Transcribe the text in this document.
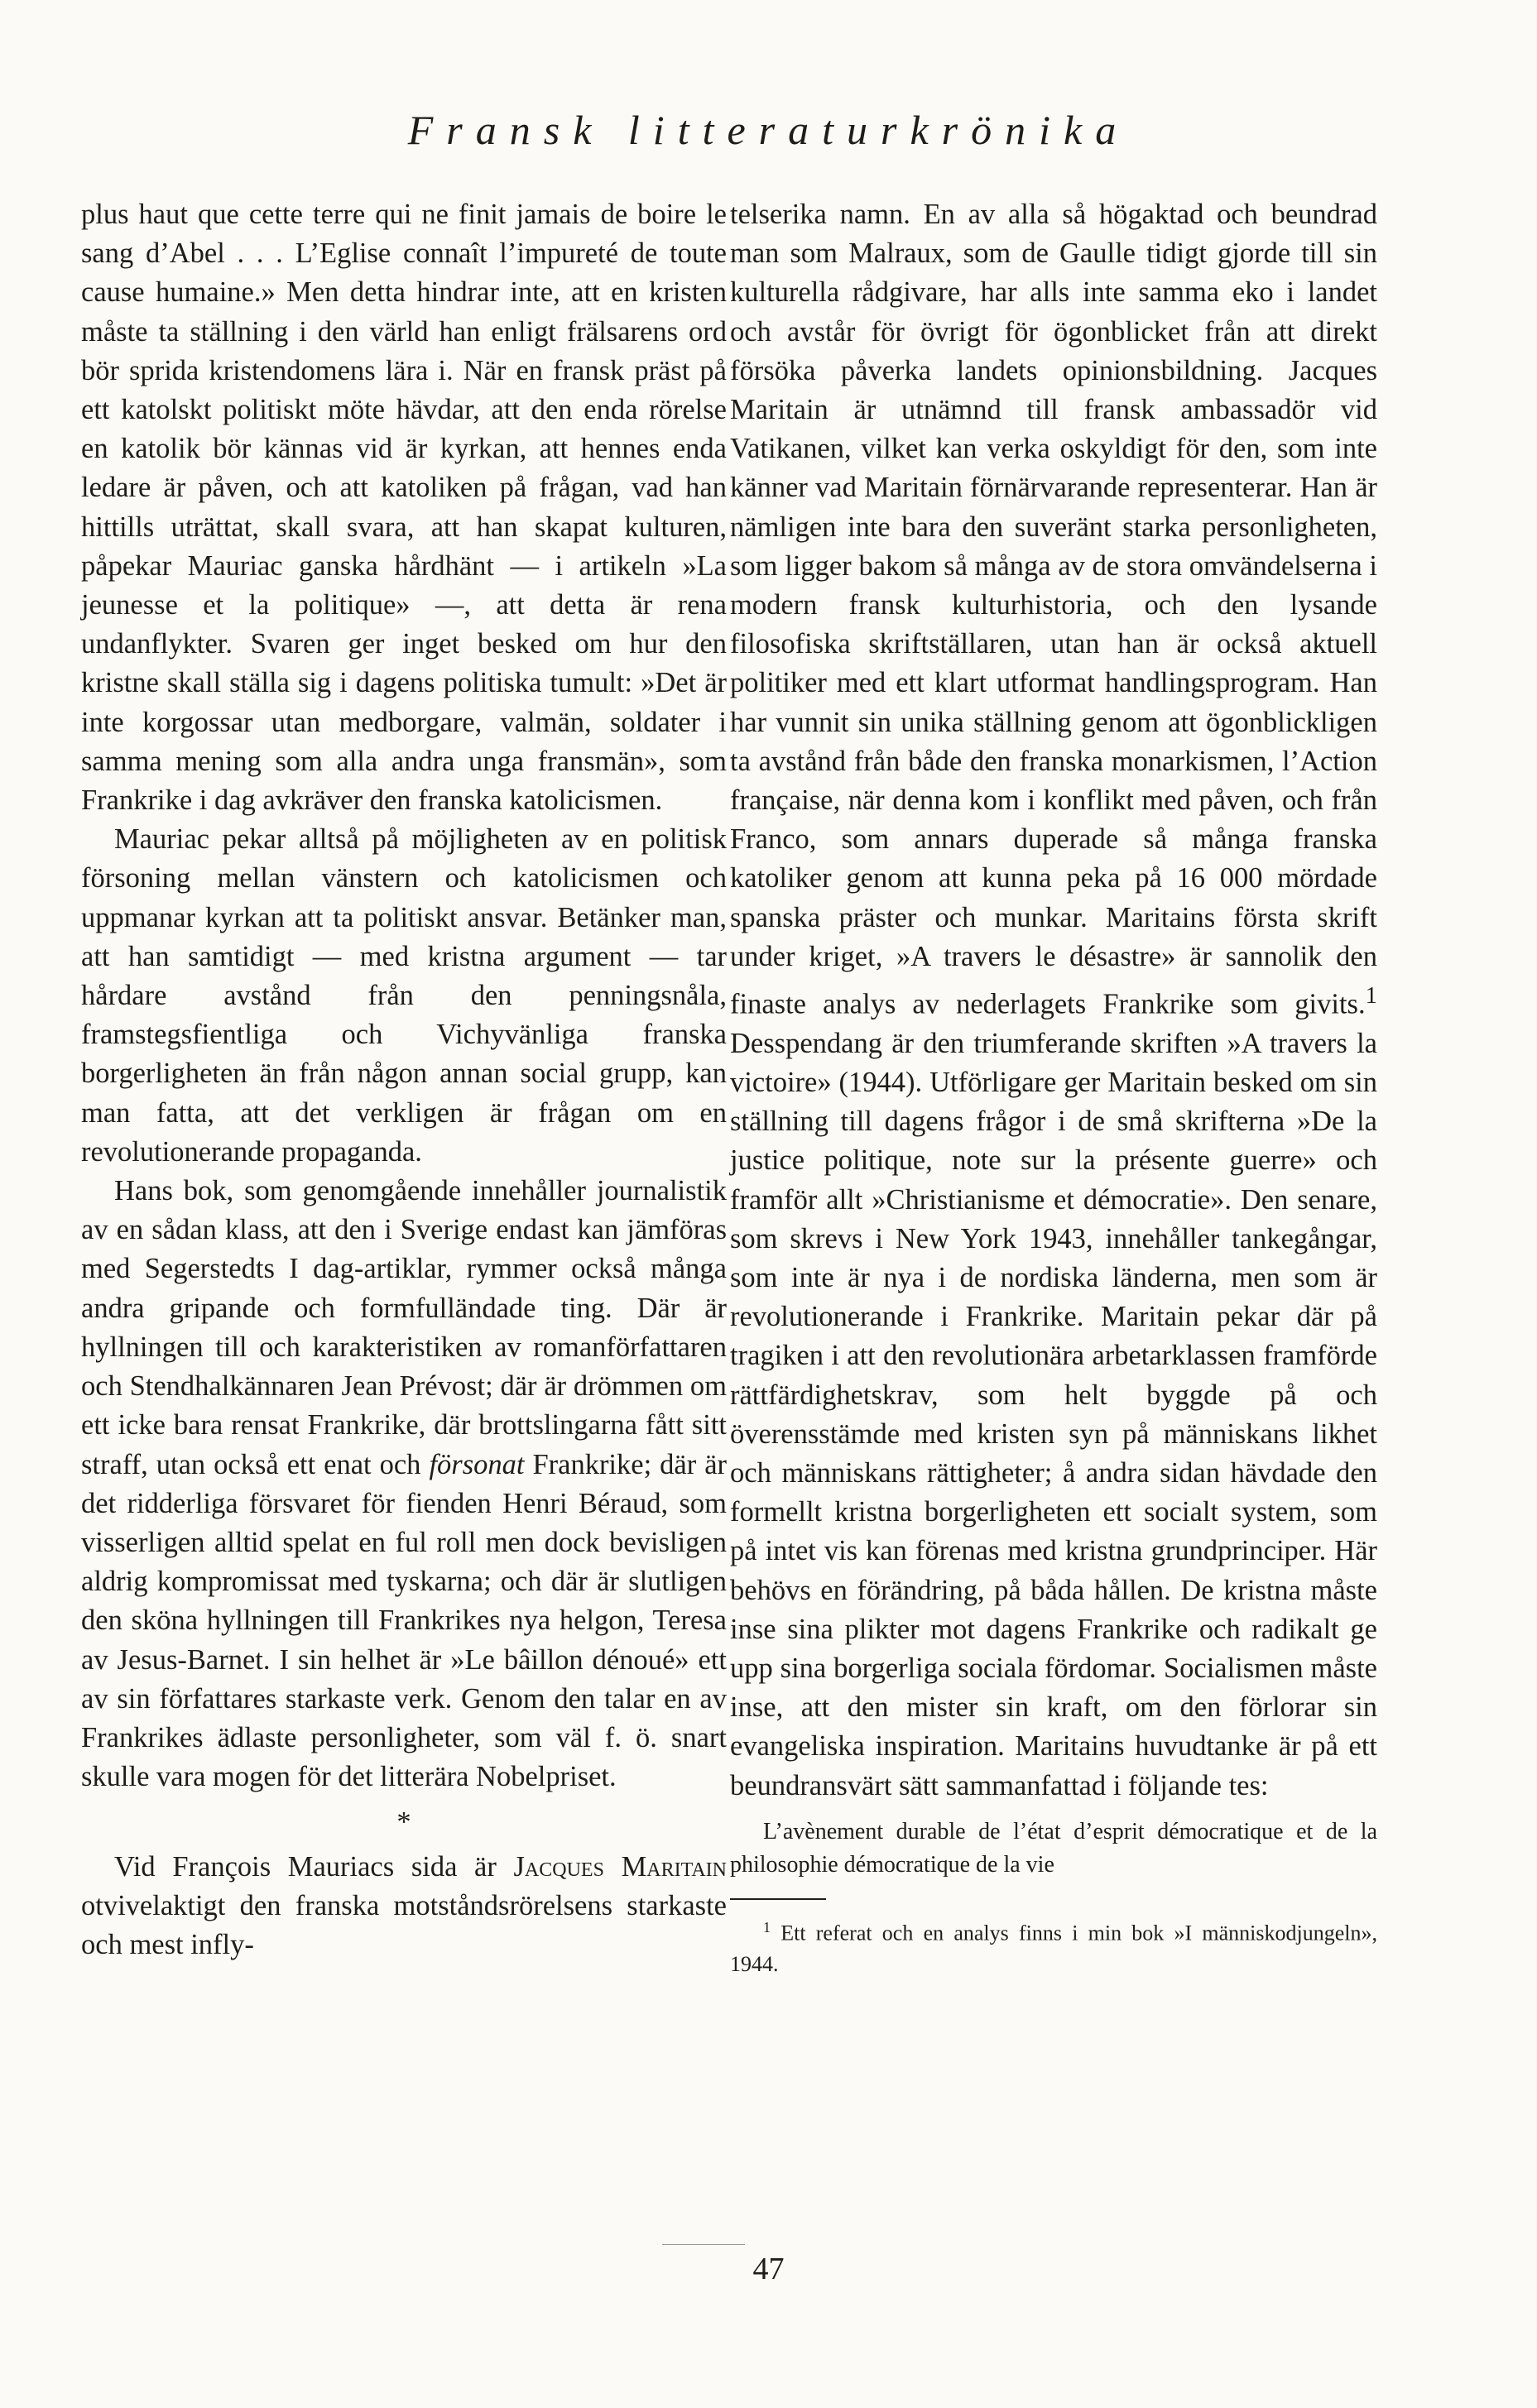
Fransk litteraturkrönika

plus haut que cette terre qui ne finit jamais de boire le sang d’Abel . . . L’Eglise connaît l’impureté de toute cause humaine.» Men detta hindrar inte, att en kristen måste ta ställning i den värld han enligt frälsarens ord bör sprida kristendomens lära i. När en fransk präst på ett katolskt politiskt möte hävdar, att den enda rörelse en katolik bör kännas vid är kyrkan, att hennes enda ledare är påven, och att katoliken på frågan, vad han hittills uträttat, skall svara, att han skapat kulturen, påpekar Mauriac ganska hårdhänt — i artikeln »La jeunesse et la politique» —, att detta är rena undanflykter. Svaren ger inget besked om hur den kristne skall ställa sig i dagens politiska tumult: »Det är inte korgossar utan medborgare, valmän, soldater i samma mening som alla andra unga fransmän», som Frankrike i dag avkräver den franska katolicismen.

Mauriac pekar alltså på möjligheten av en politisk försoning mellan vänstern och katolicismen och uppmanar kyrkan att ta politiskt ansvar. Betänker man, att han samtidigt — med kristna argument — tar hårdare avstånd från den penningsnåla, framstegsfientliga och Vichyvänliga franska borgerligheten än från någon annan social grupp, kan man fatta, att det verkligen är frågan om en revolutionerande propaganda.

Hans bok, som genomgående innehåller journalistik av en sådan klass, att den i Sverige endast kan jämföras med Segerstedts I dag-artiklar, rymmer också många andra gripande och formfulländade ting. Där är hyllningen till och karakteristiken av romanförfattaren och Stendhalkännaren Jean Prévost; där är drömmen om ett icke bara rensat Frankrike, där brottslingarna fått sitt straff, utan också ett enat och försonat Frankrike; där är det ridderliga försvaret för fienden Henri Béraud, som visserligen alltid spelat en ful roll men dock bevisligen aldrig kompromissat med tyskarna; och där är slutligen den sköna hyllningen till Frankrikes nya helgon, Teresa av Jesus-Barnet. I sin helhet är »Le bâillon dénoué» ett av sin författares starkaste verk. Genom den talar en av Frankrikes ädlaste personligheter, som väl f. ö. snart skulle vara mogen för det litterära Nobelpriset.

*

Vid François Mauriacs sida är Jacques Maritain otvivelaktigt den franska motståndsrörelsens starkaste och mest infly-

telserika namn. En av alla så högaktad och beundrad man som Malraux, som de Gaulle tidigt gjorde till sin kulturella rådgivare, har alls inte samma eko i landet och avstår för övrigt för ögonblicket från att direkt försöka påverka landets opinionsbildning. Jacques Maritain är utnämnd till fransk ambassadör vid Vatikanen, vilket kan verka oskyldigt för den, som inte känner vad Maritain förnärvarande representerar. Han är nämligen inte bara den suveränt starka personligheten, som ligger bakom så många av de stora omvändelserna i modern fransk kulturhistoria, och den lysande filosofiska skriftställaren, utan han är också aktuell politiker med ett klart utformat handlingsprogram. Han har vunnit sin unika ställning genom att ögonblickligen ta avstånd från både den franska monarkismen, l’Action française, när denna kom i konflikt med påven, och från Franco, som annars duperade så många franska katoliker genom att kunna peka på 16 000 mördade spanska präster och munkar. Maritains första skrift under kriget, »A travers le désastre» är sannolik den finaste analys av nederlagets Frankrike som givits.$^1$ Desspendang är den triumferande skriften »A travers la victoire» (1944). Utförligare ger Maritain besked om sin ställning till dagens frågor i de små skrifterna »De la justice politique, note sur la présente guerre» och framför allt »Christianisme et démocratie». Den senare, som skrevs i New York 1943, innehåller tankegångar, som inte är nya i de nordiska länderna, men som är revolutionerande i Frankrike. Maritain pekar där på tragiken i att den revolutionära arbetarklassen framförde rättfärdighetskrav, som helt byggde på och överensstämde med kristen syn på människans likhet och människans rättigheter; å andra sidan hävdade den formellt kristna borgerligheten ett socialt system, som på intet vis kan förenas med kristna grundprinciper. Här behövs en förändring, på båda hållen. De kristna måste inse sina plikter mot dagens Frankrike och radikalt ge upp sina borgerliga sociala fördomar. Socialismen måste inse, att den mister sin kraft, om den förlorar sin evangeliska inspiration. Maritains huvudtanke är på ett beundransvärt sätt sammanfattad i följande tes:

L’avènement durable de l’état d’esprit démocratique et de la philosophie démocratique de la vie

$^1$ Ett referat och en analys finns i min bok »I människodjungeln», 1944.

47
